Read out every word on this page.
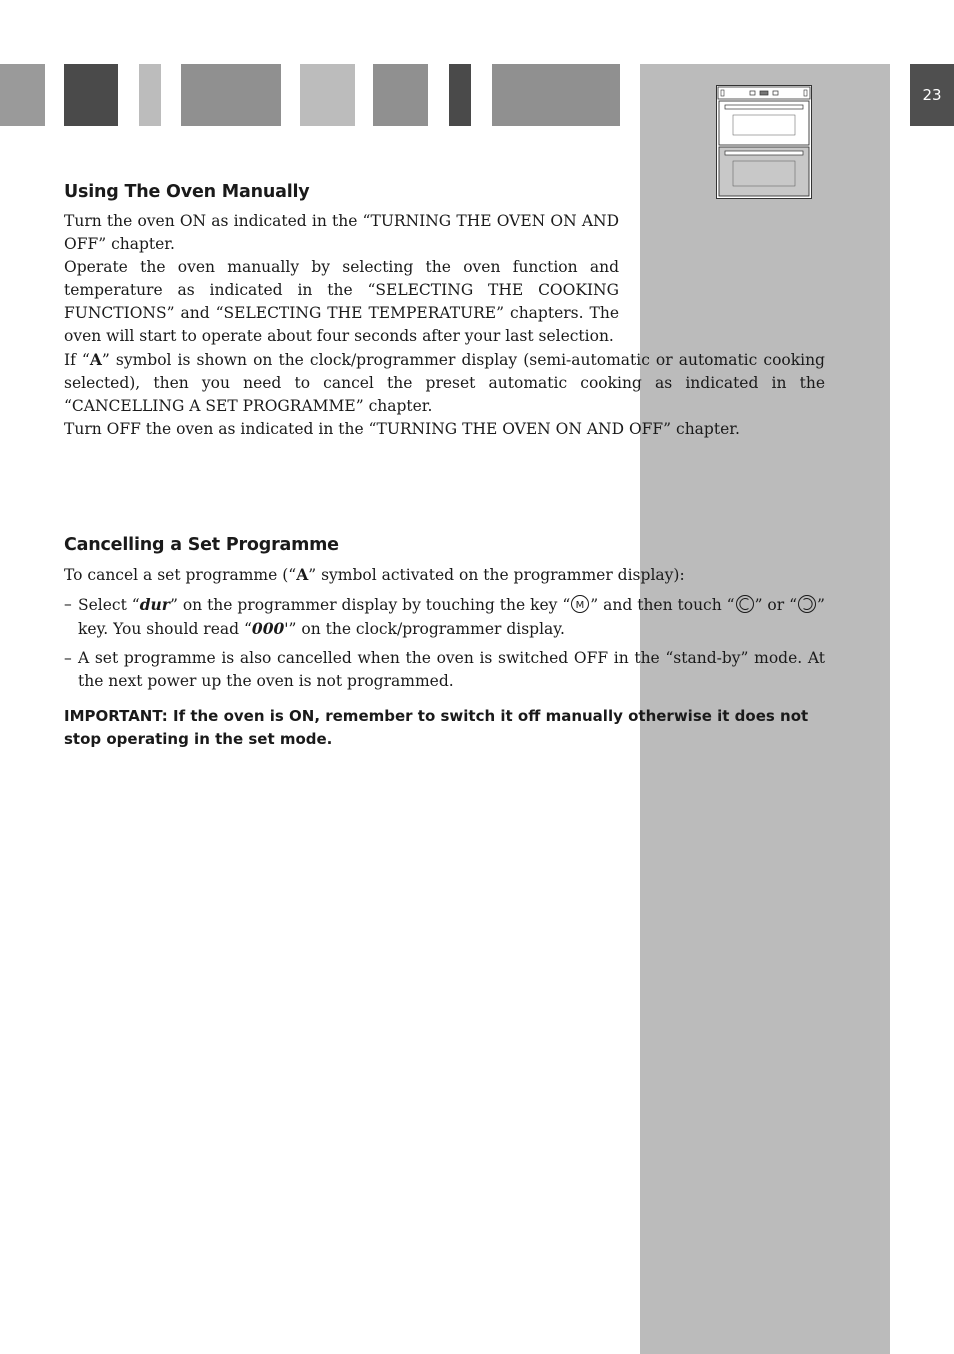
23
Using The Oven Manually

Turn the oven ON as indicated in the “TURNING THE OVEN ON AND OFF” chapter.

Operate the oven manually by selecting the oven function and temperature as indicated in the “SELECTING THE COOKING FUNCTIONS” and “SELECTING THE TEMPERATURE” chapters. The oven will start to operate about four seconds after your last selection.

If “A” symbol is shown on the clock/programmer display (semi-automatic or automatic cooking selected), then you need to cancel the preset automatic cooking as indicated in the “CANCELLING A SET PROGRAMME” chapter.

Turn OFF the oven as indicated in the “TURNING THE OVEN ON AND OFF” chapter.

Cancelling a Set Programme

To cancel a set programme (“A” symbol activated on the programmer display):

– Select “dur” on the programmer display by touching the key “ M ” and then touch “ ” or “ ” key. You should read “000'” on the clock/programmer display.
– A set programme is also cancelled when the oven is switched OFF in the “stand-by” mode. At the next power up the oven is not programmed.

IMPORTANT: If the oven is ON, remember to switch it off manually otherwise it does not stop operating in the set mode.
